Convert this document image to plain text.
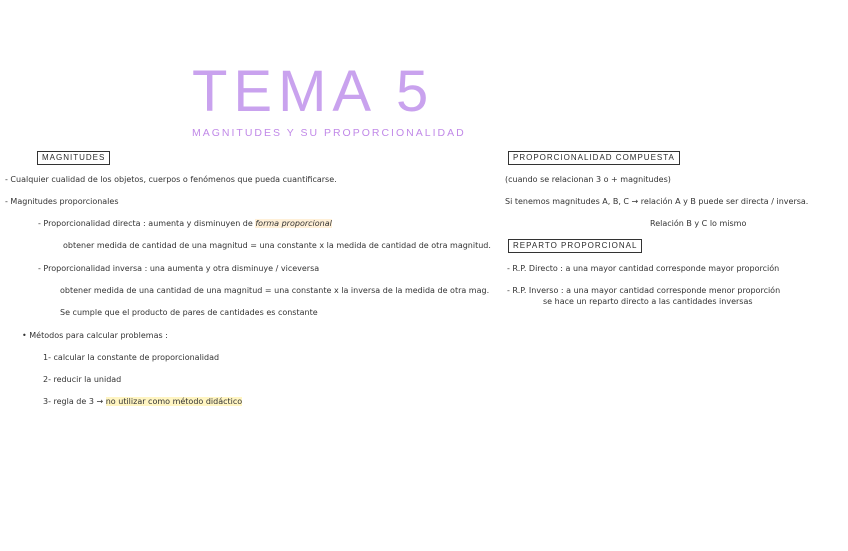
TEMA 5
MAGNITUDES Y SU PROPORCIONALIDAD
MAGNITUDES
- Cualquier cualidad de los objetos, cuerpos o fenómenos que pueda cuantificarse.
- Magnitudes proporcionales
- Proporcionalidad directa : aumenta y disminuyen de forma proporcional
obtener medida de cantidad de una magnitud = una constante x la medida de cantidad de otra magnitud.
- Proporcionalidad inversa : una aumenta y otra disminuye / viceversa
obtener medida de una cantidad de una magnitud = una constante x la inversa de la medida de otra mag.
Se cumple que el producto de pares de cantidades es constante
• Métodos para calcular problemas :
1- calcular la constante de proporcionalidad
2- reducir la unidad
3- regla de 3 → no utilizar como método didáctico
PROPORCIONALIDAD COMPUESTA
(cuando se relacionan 3 o + magnitudes)
Si tenemos magnitudes A, B, C → relación A y B puede ser directa / inversa.
Relación B y C lo mismo
REPARTO PROPORCIONAL
- R.P. Directo : a una mayor cantidad corresponde mayor proporción
- R.P. Inverso : a una mayor cantidad corresponde menor proporción
se hace un reparto directo a las cantidades inversas
